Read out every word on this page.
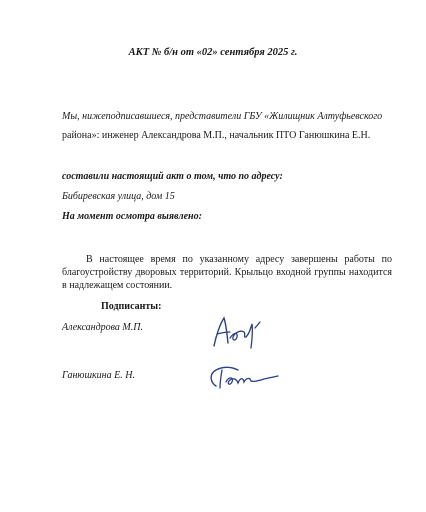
АКТ № б/н от «02» сентября 2025 г.
Мы, нижеподписавшиеся, представители ГБУ «Жилищник Алтуфьевского
района»: инженер Александрова М.П., начальник ПТО Ганюшкина Е.Н.
составили настоящий акт о том, что по адресу:
Бибиревская улица, дом 15
На момент осмотра выявлено:
В настоящее время по указанному адресу завершены работы по благоустройству дворовых территорий. Крыльцо входной группы находится в надлежащем состоянии.
Подписанты:
Александрова М.П.
Ганюшкина Е. Н.
